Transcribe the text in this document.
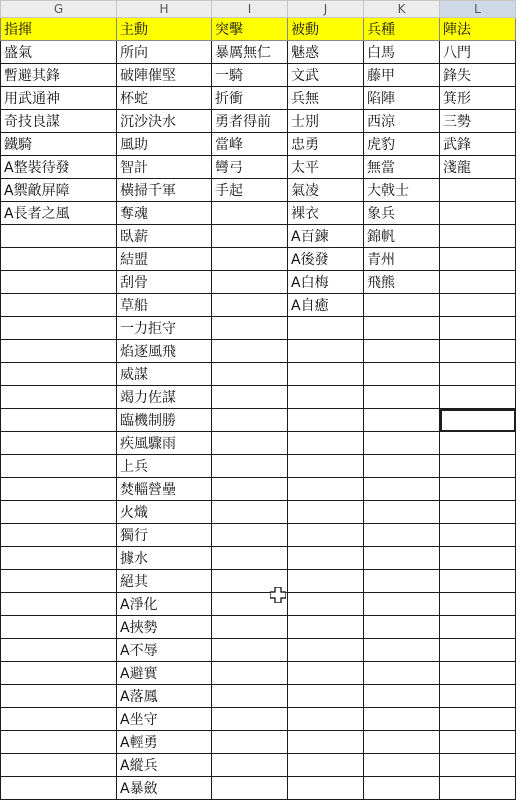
G	H	I	J	K	L
指揮	主動	突擊	被動	兵種	陣法
盛氣	所向	暴厲無仁	魅惑	白馬	八門
暫避其鋒	破陣催堅	一騎	文武	藤甲	鋒失
用武通神	杯蛇	折衝	兵無	陷陣	箕形
奇技良謀	沉沙決水	勇者得前	士別	西涼	三勢
鐵騎	風助	當峰	忠勇	虎豹	武鋒
A整裝待發	智計	彎弓	太平	無當	淺龍
A禦敵屏障	橫掃千軍	手起	氣凌	大戟士	
A長者之風	奪魂		裸衣	象兵	
	臥薪		A百鍊	錦帆	
	結盟		A後發	青州	
	刮骨		A白梅	飛熊	
	草船		A自癒		
	一力拒守				
	焰逐風飛				
	威謀				
	竭力佐謀				
	臨機制勝				
	疾風驟雨				
	上兵				
	焚輜營壘				
	火熾				
	獨行				
	據水				
	絕其				
	A淨化				
	A挾勢				
	A不辱				
	A避實				
	A落鳳				
	A坐守				
	A輕勇				
	A縱兵				
	A暴斂				
